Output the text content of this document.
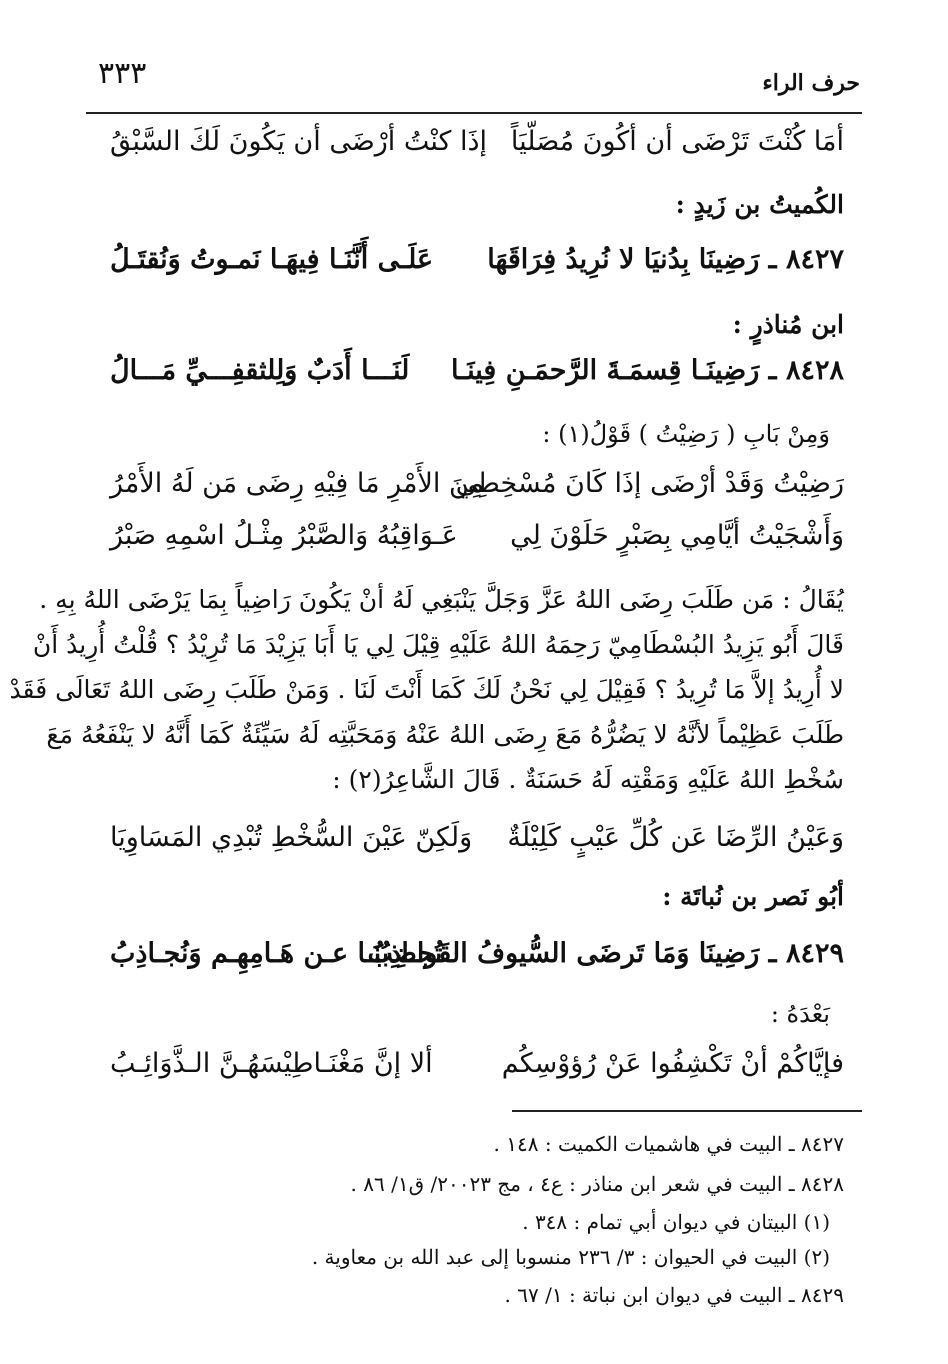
٣٣٣	حرف الراء
أمَا كُنْتَ تَرْضَى أن أكُونَ مُصَلّيَاً
إذَا كنْتُ أرْضَى أن يَكُونَ لَكَ السَّبْقُ
الكُميتُ بن زَيدٍ :
٨٤٢٧ ـ رَضِينَا بِدُنيَا لا نُرِيدُ فِرَاقَهَا
عَلَـى أَنَّنَـا فِيهَـا نَمـوتُ وَنُقتَـلُ
ابن مُناذرٍ :
٨٤٢٨ ـ رَضِينَـا قِسمَـةَ الرَّحمَـنِ فِينَـا
لَنَـــا أَدَبٌ وَلِلثقفِـــيِّ مَـــالُ
وَمِنْ بَابِ ( رَضِيْتُ ) قَوْلُ(١) :
رَضِيْتُ وَقَدْ أرْضَى إذَا كَانَ مُسْخِطِي
مِنَ الأَمْرِ مَا فِيْهِ رِضَى مَن لَهُ الأَمْرُ
وَأَشْجَيْتُ أيَّامِي بِصَبْرٍ حَلَوْنَ لِي
عَـوَاقِبُهُ وَالصَّبْرُ مِثْـلُ اسْمِهِ صَبْرُ
يُقَالُ : مَن طَلَبَ رِضَى اللهُ عَزَّ وَجَلَّ يَنْبَغِي لَهُ أنْ يَكُونَ رَاضِياً بِمَا يَرْضَى اللهُ بِهِ .
قَالَ أَبُو يَزِيدُ البُسْطَامِيّ رَحِمَهُ اللهُ عَلَيْهِ قِيْلَ لِي يَا أَبَا يَزِيْدَ مَا تُرِيْدُ ؟ قُلْتُ أُرِيدُ أَنْ
لا أُرِيدُ إلاَّ مَا تُرِيدُ ؟ فَقِيْلَ لِي نَحْنُ لَكَ كَمَا أَنْتَ لَنَا . وَمَنْ طَلَبَ رِضَى اللهُ تَعَالَى فَقَدْ
طَلَبَ عَظِيْماً لأنَّهُ لا يَضُرُّهُ مَعَ رِضَى اللهُ عَنْهُ وَمَحَبَّتِه لَهُ سَيِّئَةٌ كَمَا أَنَّهُ لا يَنْفَعُهُ مَعَ
سُخْطِ اللهُ عَلَيْهِ وَمَقْتِه لَهُ حَسَنَةٌ . قَالَ الشَّاعِرُ(٢) :
وَعَيْنُ الرِّضَا عَن كُلِّ عَيْبٍ كَلِيْلَةٌ
وَلَكِنّ عَيْنَ السُّخْطِ تُبْدِي المَسَاوِيَا
أبُو نَصر بن نُباتَة :
٨٤٢٩ ـ رَضِينَا وَمَا تَرضَى السُّيوفُ القَواضِبُ
تُجـاذِبُنَـا عـن هَـامِهِـم وَنُجـاذِبُ
بَعْدَهُ :
فإيَّاكُمْ أنْ تَكْشِفُوا عَنْ رُؤوْسِكُم
ألا إنَّ مَغْنَـاطِيْسَهُـنَّ الـذَّوَائِـبُ
٨٤٢٧ ـ البيت في هاشميات الكميت : ١٤٨ .
٨٤٢٨ ـ البيت في شعر ابن مناذر : ع٤ ، مج ٢٠٠٢٣/ ق١/ ٨٦ .
(١) البيتان في ديوان أبي تمام : ٣٤٨ .
(٢) البيت في الحيوان : ٣/ ٢٣٦ منسوبا إلى عبد الله بن معاوية .
٨٤٢٩ ـ البيت في ديوان ابن نباتة : ١/ ٦٧ .
